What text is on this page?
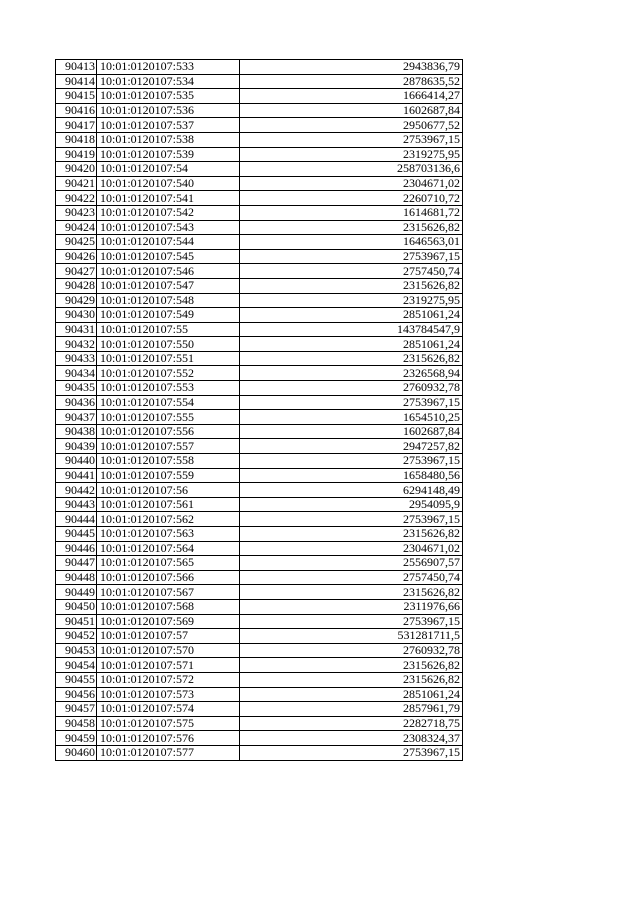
90413	10:01:0120107:533	2943836,79
90414	10:01:0120107:534	2878635,52
90415	10:01:0120107:535	1666414,27
90416	10:01:0120107:536	1602687,84
90417	10:01:0120107:537	2950677,52
90418	10:01:0120107:538	2753967,15
90419	10:01:0120107:539	2319275,95
90420	10:01:0120107:54	258703136,6
90421	10:01:0120107:540	2304671,02
90422	10:01:0120107:541	2260710,72
90423	10:01:0120107:542	1614681,72
90424	10:01:0120107:543	2315626,82
90425	10:01:0120107:544	1646563,01
90426	10:01:0120107:545	2753967,15
90427	10:01:0120107:546	2757450,74
90428	10:01:0120107:547	2315626,82
90429	10:01:0120107:548	2319275,95
90430	10:01:0120107:549	2851061,24
90431	10:01:0120107:55	143784547,9
90432	10:01:0120107:550	2851061,24
90433	10:01:0120107:551	2315626,82
90434	10:01:0120107:552	2326568,94
90435	10:01:0120107:553	2760932,78
90436	10:01:0120107:554	2753967,15
90437	10:01:0120107:555	1654510,25
90438	10:01:0120107:556	1602687,84
90439	10:01:0120107:557	2947257,82
90440	10:01:0120107:558	2753967,15
90441	10:01:0120107:559	1658480,56
90442	10:01:0120107:56	6294148,49
90443	10:01:0120107:561	2954095,9
90444	10:01:0120107:562	2753967,15
90445	10:01:0120107:563	2315626,82
90446	10:01:0120107:564	2304671,02
90447	10:01:0120107:565	2556907,57
90448	10:01:0120107:566	2757450,74
90449	10:01:0120107:567	2315626,82
90450	10:01:0120107:568	2311976,66
90451	10:01:0120107:569	2753967,15
90452	10:01:0120107:57	531281711,5
90453	10:01:0120107:570	2760932,78
90454	10:01:0120107:571	2315626,82
90455	10:01:0120107:572	2315626,82
90456	10:01:0120107:573	2851061,24
90457	10:01:0120107:574	2857961,79
90458	10:01:0120107:575	2282718,75
90459	10:01:0120107:576	2308324,37
90460	10:01:0120107:577	2753967,15
